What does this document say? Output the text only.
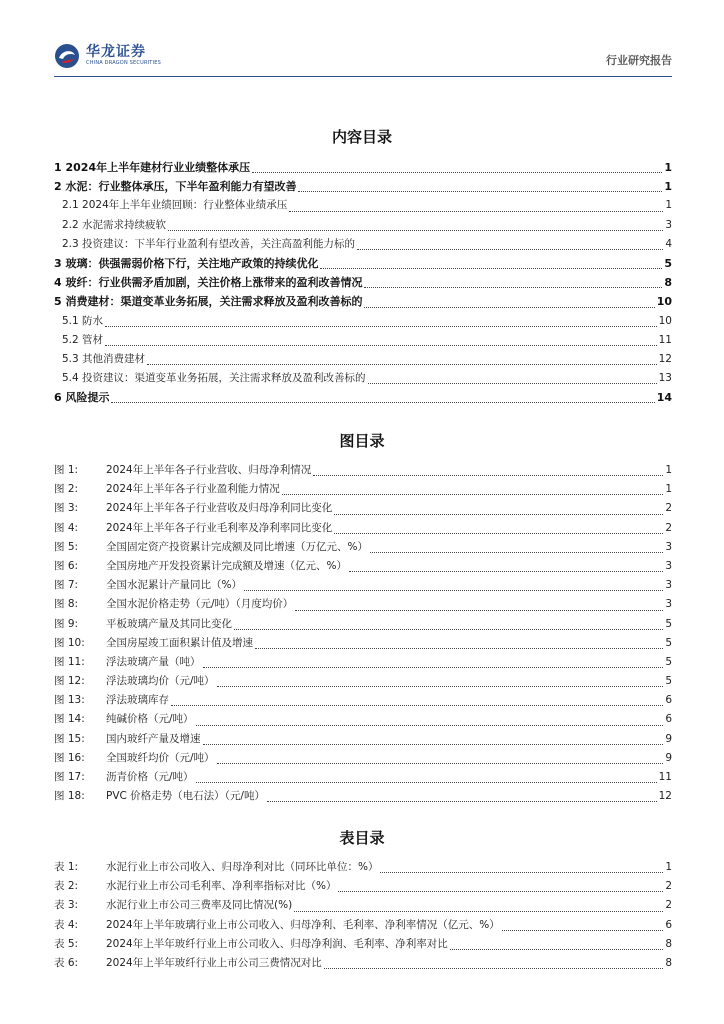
华龙证券
CHINA DRAGON SECURITIES	行业研究报告
内容目录
1 2024年上半年建材行业业绩整体承压	1
2 水泥：行业整体承压，下半年盈利能力有望改善	1
2.1 2024年上半年业绩回顾：行业整体业绩承压	1
2.2 水泥需求持续疲软	3
2.3 投资建议：下半年行业盈利有望改善，关注高盈利能力标的	4
3 玻璃：供强需弱价格下行，关注地产政策的持续优化	5
4 玻纤：行业供需矛盾加剧，关注价格上涨带来的盈利改善情况	8
5 消费建材：渠道变革业务拓展，关注需求释放及盈利改善标的	10
5.1 防水	10
5.2 管材	11
5.3 其他消费建材	12
5.4 投资建议：渠道变革业务拓展，关注需求释放及盈利改善标的	13
6 风险提示	14
图目录
图 1:	2024年上半年各子行业营收、归母净利情况	1
图 2:	2024年上半年各子行业盈利能力情况	1
图 3:	2024年上半年各子行业营收及归母净利同比变化	2
图 4:	2024年上半年各子行业毛利率及净利率同比变化	2
图 5:	全国固定资产投资累计完成额及同比增速（万亿元、%）	3
图 6:	全国房地产开发投资累计完成额及增速（亿元、%）	3
图 7:	全国水泥累计产量同比（%）	3
图 8:	全国水泥价格走势（元/吨）（月度均价）	3
图 9:	平板玻璃产量及其同比变化	5
图 10:	全国房屋竣工面积累计值及增速	5
图 11:	浮法玻璃产量（吨）	5
图 12:	浮法玻璃均价（元/吨）	5
图 13:	浮法玻璃库存	6
图 14:	纯碱价格（元/吨）	6
图 15:	国内玻纤产量及增速	9
图 16:	全国玻纤均价（元/吨）	9
图 17:	沥青价格（元/吨）	11
图 18:	PVC 价格走势（电石法）（元/吨）	12
表目录
表 1:	水泥行业上市公司收入、归母净利对比（同环比单位：%）	1
表 2:	水泥行业上市公司毛利率、净利率指标对比（%）	2
表 3:	水泥行业上市公司三费率及同比情况(%)	2
表 4:	2024年上半年玻璃行业上市公司收入、归母净利、毛利率、净利率情况（亿元、%）	6
表 5:	2024年上半年玻纤行业上市公司收入、归母净利润、毛利率、净利率对比	8
表 6:	2024年上半年玻纤行业上市公司三费情况对比	8
